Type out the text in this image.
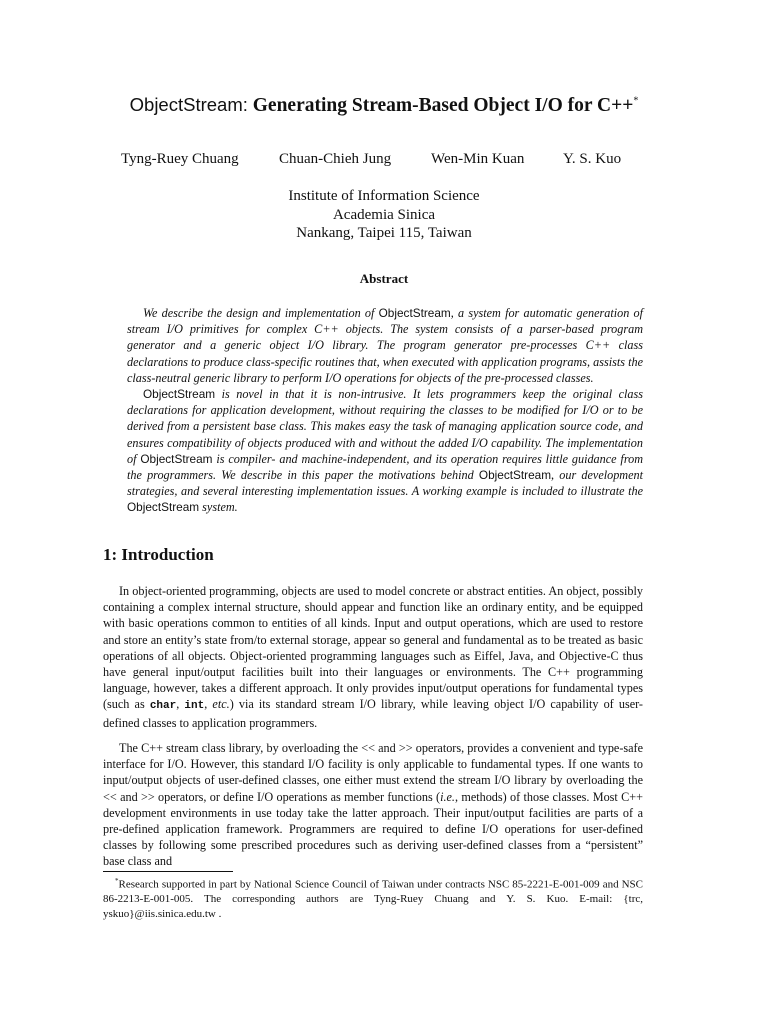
ObjectStream: Generating Stream-Based Object I/O for C++*
Tyng-Ruey Chuang	Chuan-Chieh Jung	Wen-Min Kuan	Y. S. Kuo
Institute of Information Science
Academia Sinica
Nankang, Taipei 115, Taiwan
Abstract

We describe the design and implementation of ObjectStream, a system for automatic generation of stream I/O primitives for complex C++ objects. The system consists of a parser-based program generator and a generic object I/O library. The program generator pre-processes C++ class declarations to produce class-specific routines that, when executed with application programs, assists the class-neutral generic library to perform I/O operations for objects of the pre-processed classes.

ObjectStream is novel in that it is non-intrusive. It lets programmers keep the original class declarations for application development, without requiring the classes to be modified for I/O or to be derived from a persistent base class. This makes easy the task of managing application source code, and ensures compatibility of objects produced with and without the added I/O capability. The implementation of ObjectStream is compiler- and machine-independent, and its operation requires little guidance from the programmers. We describe in this paper the motivations behind ObjectStream, our development strategies, and several interesting implementation issues. A working example is included to illustrate the ObjectStream system.

1: Introduction

In object-oriented programming, objects are used to model concrete or abstract entities. An object, possibly containing a complex internal structure, should appear and function like an ordinary entity, and be equipped with basic operations common to entities of all kinds. Input and output operations, which are used to restore and store an entity’s state from/to external storage, appear so general and fundamental as to be treated as basic operations of all objects. Object-oriented programming languages such as Eiffel, Java, and Objective-C thus have general input/output facilities built into their languages or environments. The C++ programming language, however, takes a different approach. It only provides input/output operations for fundamental types (such as char, int, etc.) via its standard stream I/O library, while leaving object I/O capability of user-defined classes to application programmers.

The C++ stream class library, by overloading the << and >> operators, provides a convenient and type-safe interface for I/O. However, this standard I/O facility is only applicable to fundamental types. If one wants to input/output objects of user-defined classes, one either must extend the stream I/O library by overloading the << and >> operators, or define I/O operations as member functions (i.e., methods) of those classes. Most C++ development environments in use today take the latter approach. Their input/output facilities are parts of a pre-defined application framework. Programmers are required to define I/O operations for user-defined classes by following some prescribed procedures such as deriving user-defined classes from a “persistent” base class and

*Research supported in part by National Science Council of Taiwan under contracts NSC 85-2221-E-001-009 and NSC 86-2213-E-001-005. The corresponding authors are Tyng-Ruey Chuang and Y. S. Kuo. E-mail: {trc, yskuo}@iis.sinica.edu.tw .
